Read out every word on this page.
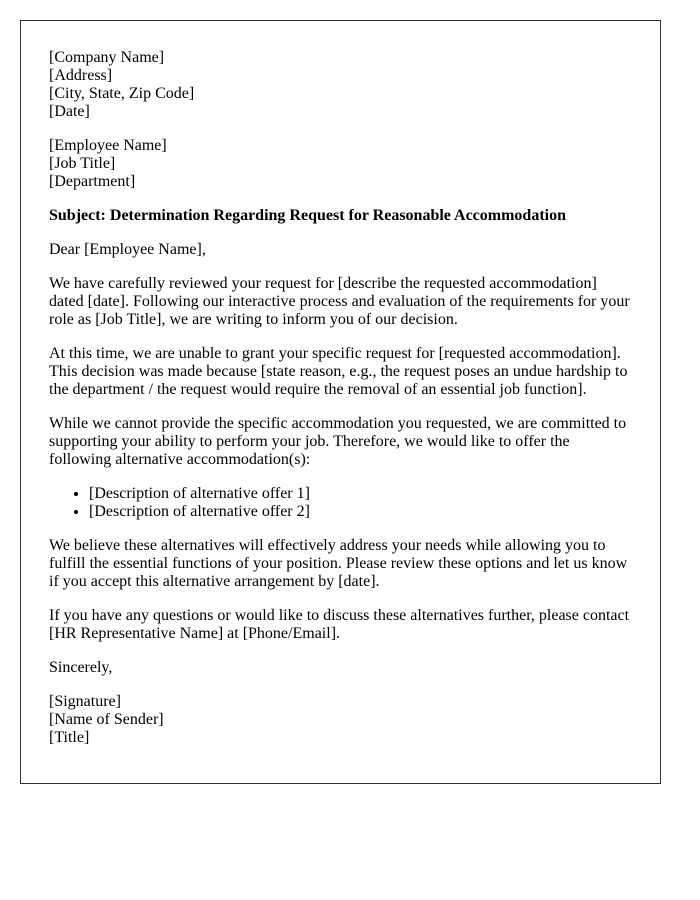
[Company Name]
[Address]
[City, State, Zip Code]
[Date]

[Employee Name]
[Job Title]
[Department]

Subject: Determination Regarding Request for Reasonable Accommodation

Dear [Employee Name],

We have carefully reviewed your request for [describe the requested accommodation] dated [date]. Following our interactive process and evaluation of the requirements for your role as [Job Title], we are writing to inform you of our decision.

At this time, we are unable to grant your specific request for [requested accommodation]. This decision was made because [state reason, e.g., the request poses an undue hardship to the department / the request would require the removal of an essential job function].

While we cannot provide the specific accommodation you requested, we are committed to supporting your ability to perform your job. Therefore, we would like to offer the following alternative accommodation(s):

• [Description of alternative offer 1]
• [Description of alternative offer 2]

We believe these alternatives will effectively address your needs while allowing you to fulfill the essential functions of your position. Please review these options and let us know if you accept this alternative arrangement by [date].

If you have any questions or would like to discuss these alternatives further, please contact [HR Representative Name] at [Phone/Email].

Sincerely,

[Signature]
[Name of Sender]
[Title]
